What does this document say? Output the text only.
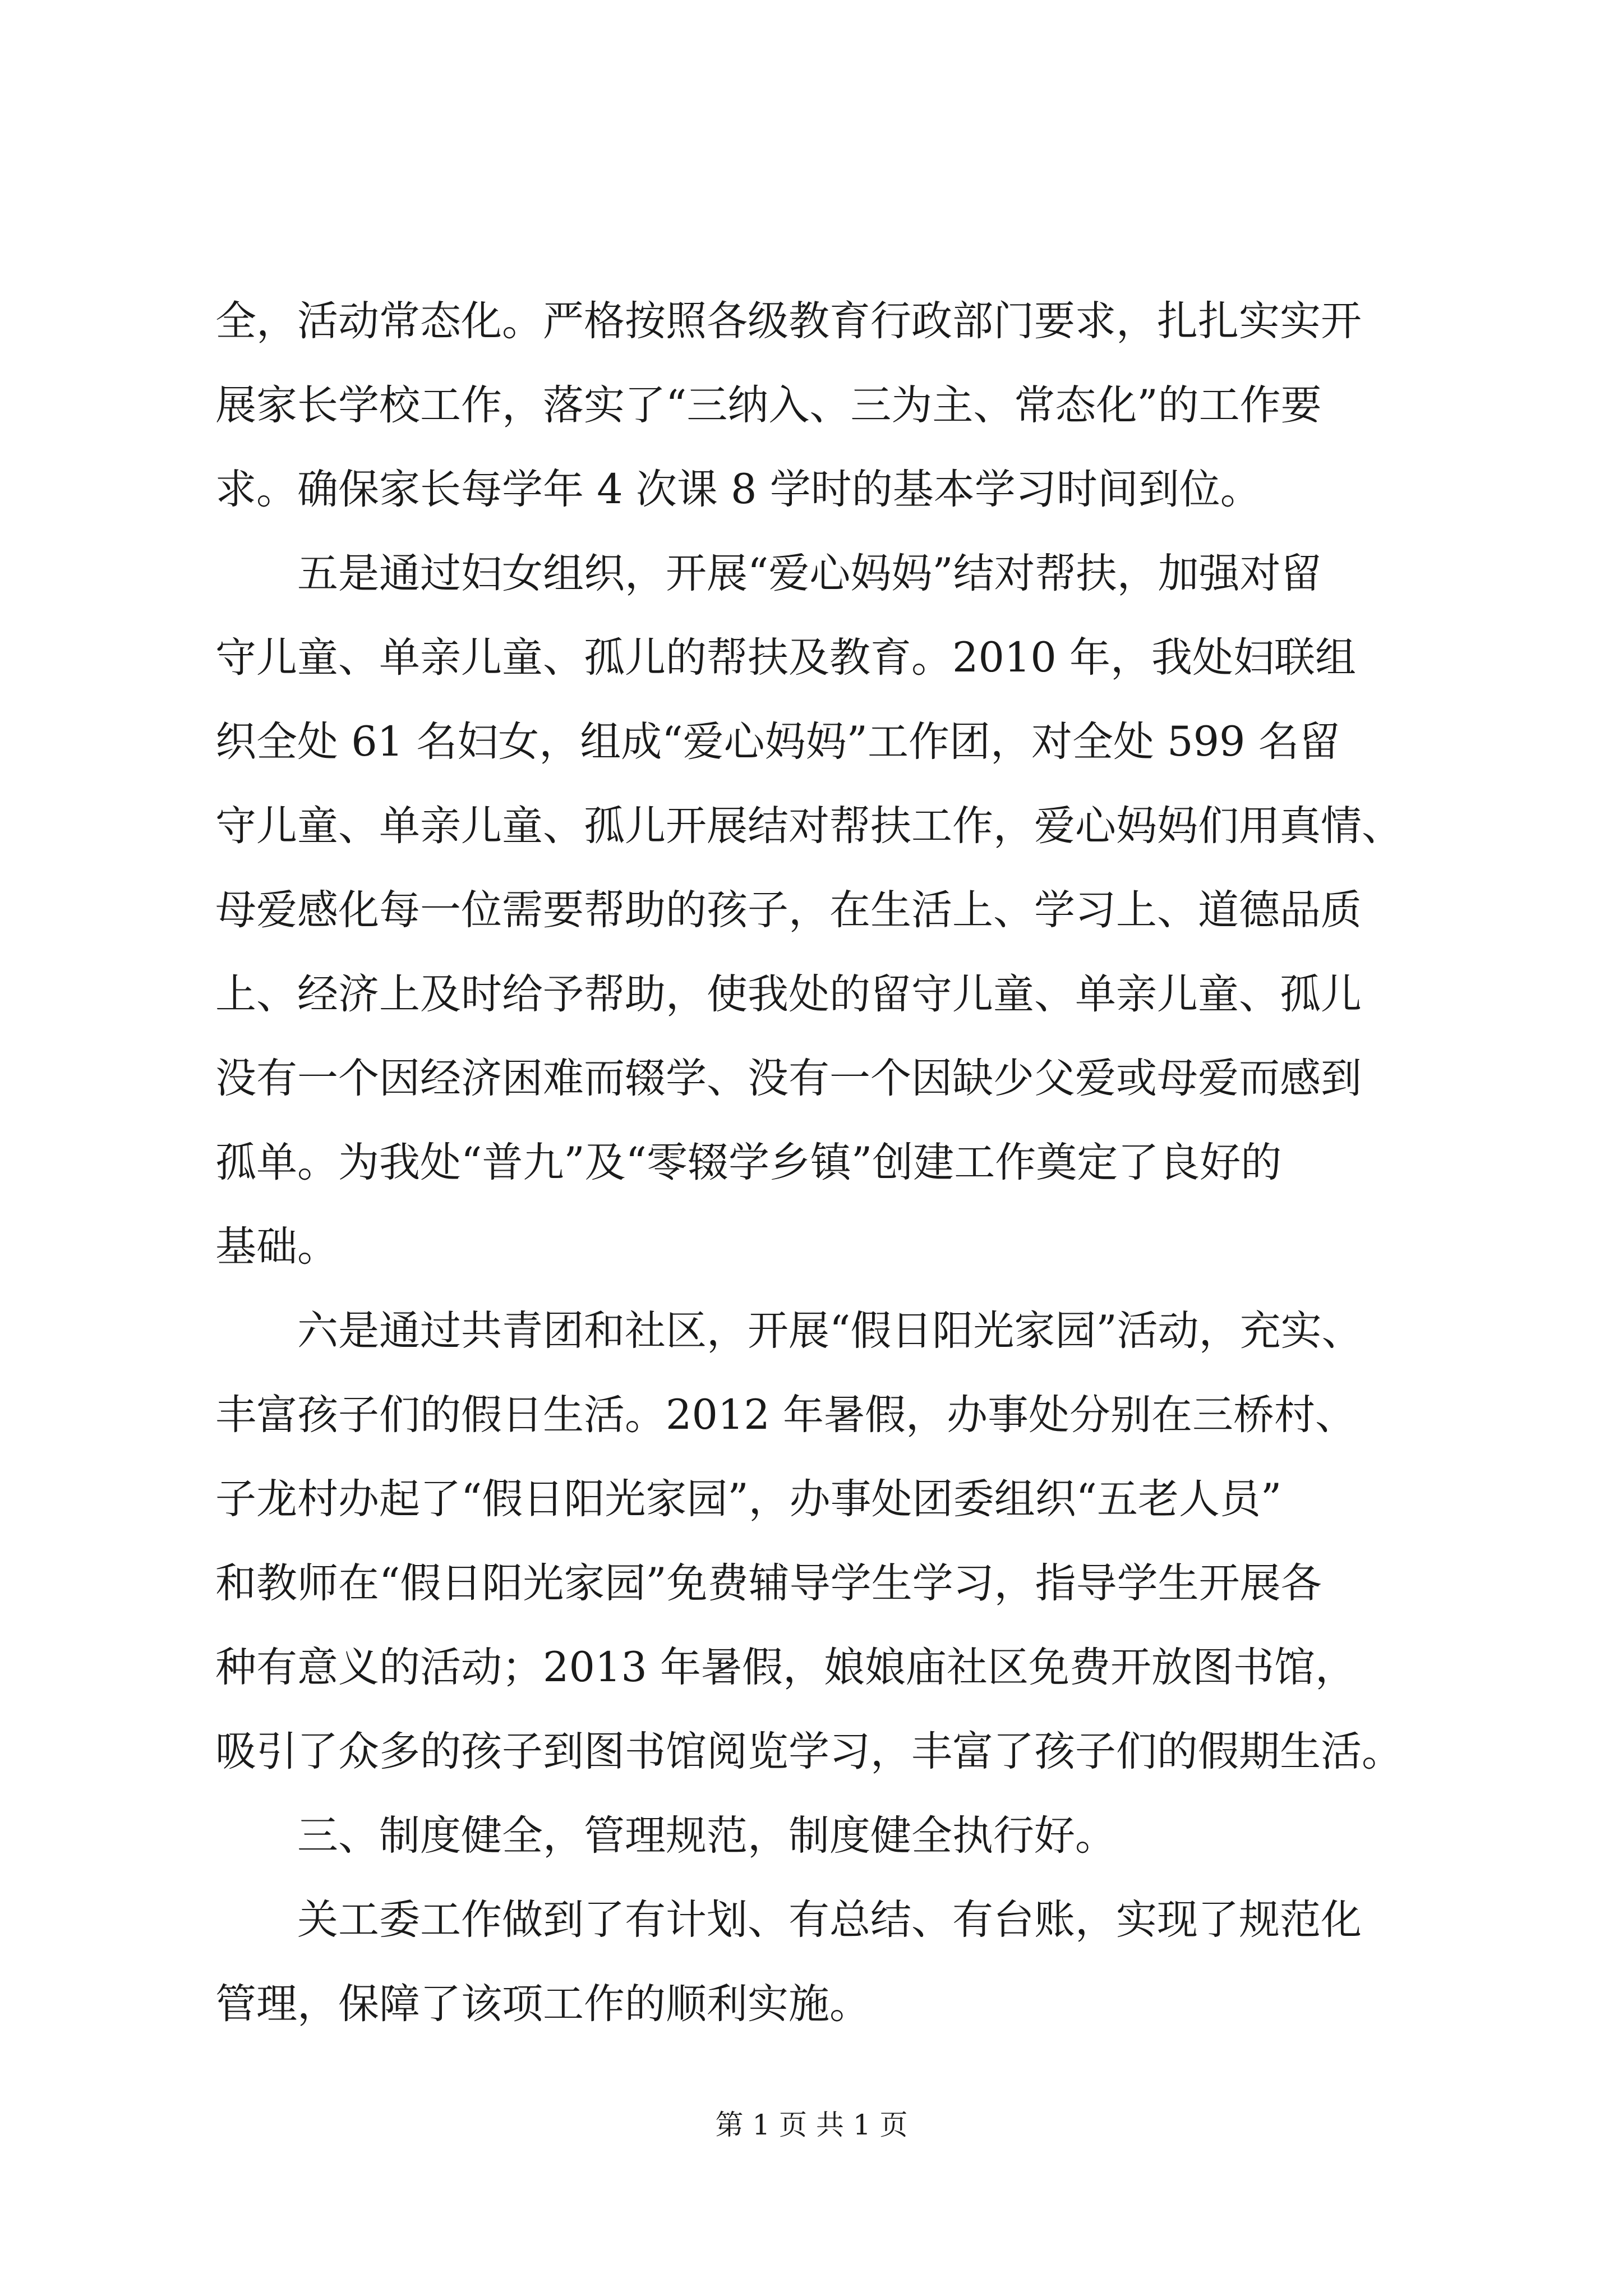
全，活动常态化。严格按照各级教育行政部门要求，扎扎实实开
展家长学校工作，落实了“三纳入、三为主、常态化”的工作要
求。确保家长每学年 4 次课 8 学时的基本学习时间到位。
五是通过妇女组织，开展“爱心妈妈”结对帮扶，加强对留
守儿童、单亲儿童、孤儿的帮扶及教育。2010 年，我处妇联组
织全处 61 名妇女，组成“爱心妈妈”工作团，对全处 599 名留
守儿童、单亲儿童、孤儿开展结对帮扶工作，爱心妈妈们用真情、
母爱感化每一位需要帮助的孩子，在生活上、学习上、道德品质
上、经济上及时给予帮助，使我处的留守儿童、单亲儿童、孤儿
没有一个因经济困难而辍学、没有一个因缺少父爱或母爱而感到
孤单。为我处“普九”及“零辍学乡镇”创建工作奠定了良好的
基础。
六是通过共青团和社区，开展“假日阳光家园”活动，充实、
丰富孩子们的假日生活。2012 年暑假，办事处分别在三桥村、
子龙村办起了“假日阳光家园”，办事处团委组织“五老人员”
和教师在“假日阳光家园”免费辅导学生学习，指导学生开展各
种有意义的活动；2013 年暑假，娘娘庙社区免费开放图书馆，
吸引了众多的孩子到图书馆阅览学习，丰富了孩子们的假期生活。
三、制度健全，管理规范，制度健全执行好。
关工委工作做到了有计划、有总结、有台账，实现了规范化
管理，保障了该项工作的顺利实施。
第 1 页 共 1 页
